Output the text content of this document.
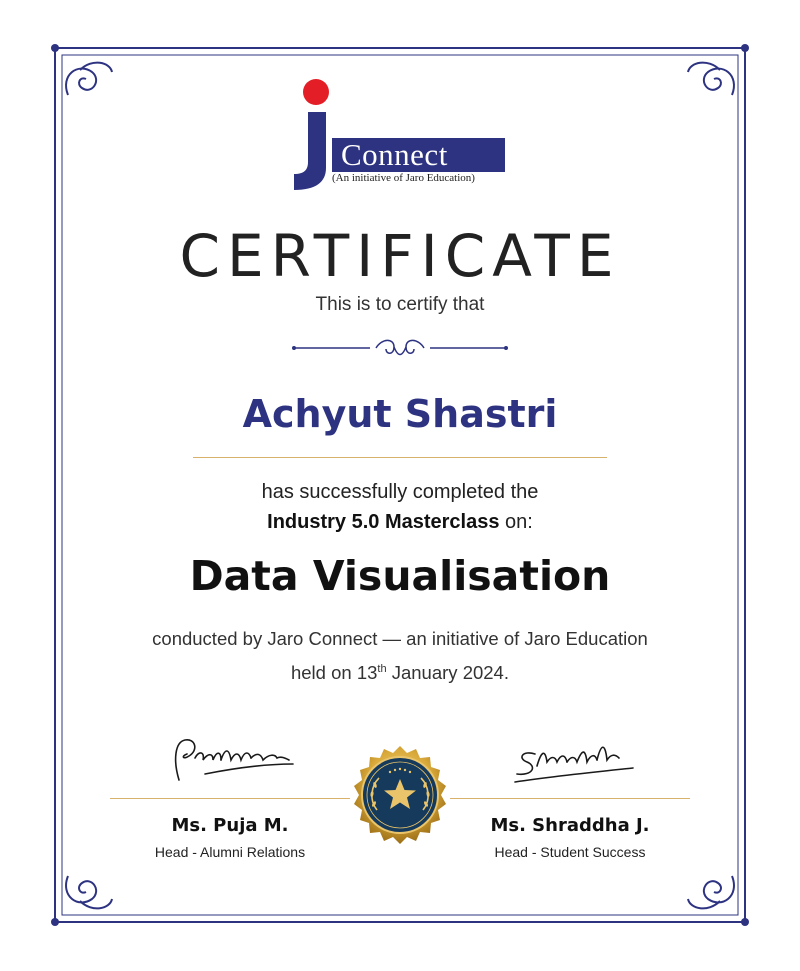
Connect
(An initiative of Jaro Education)
CERTIFICATE
This is to certify that
Achyut Shastri
has successfully completed the
Industry 5.0 Masterclass on:
Data Visualisation
conducted by Jaro Connect — an initiative of Jaro Education
held on 13th January 2024.
Ms. Puja M.
Head - Alumni Relations
Ms. Shraddha J.
Head - Student Success
